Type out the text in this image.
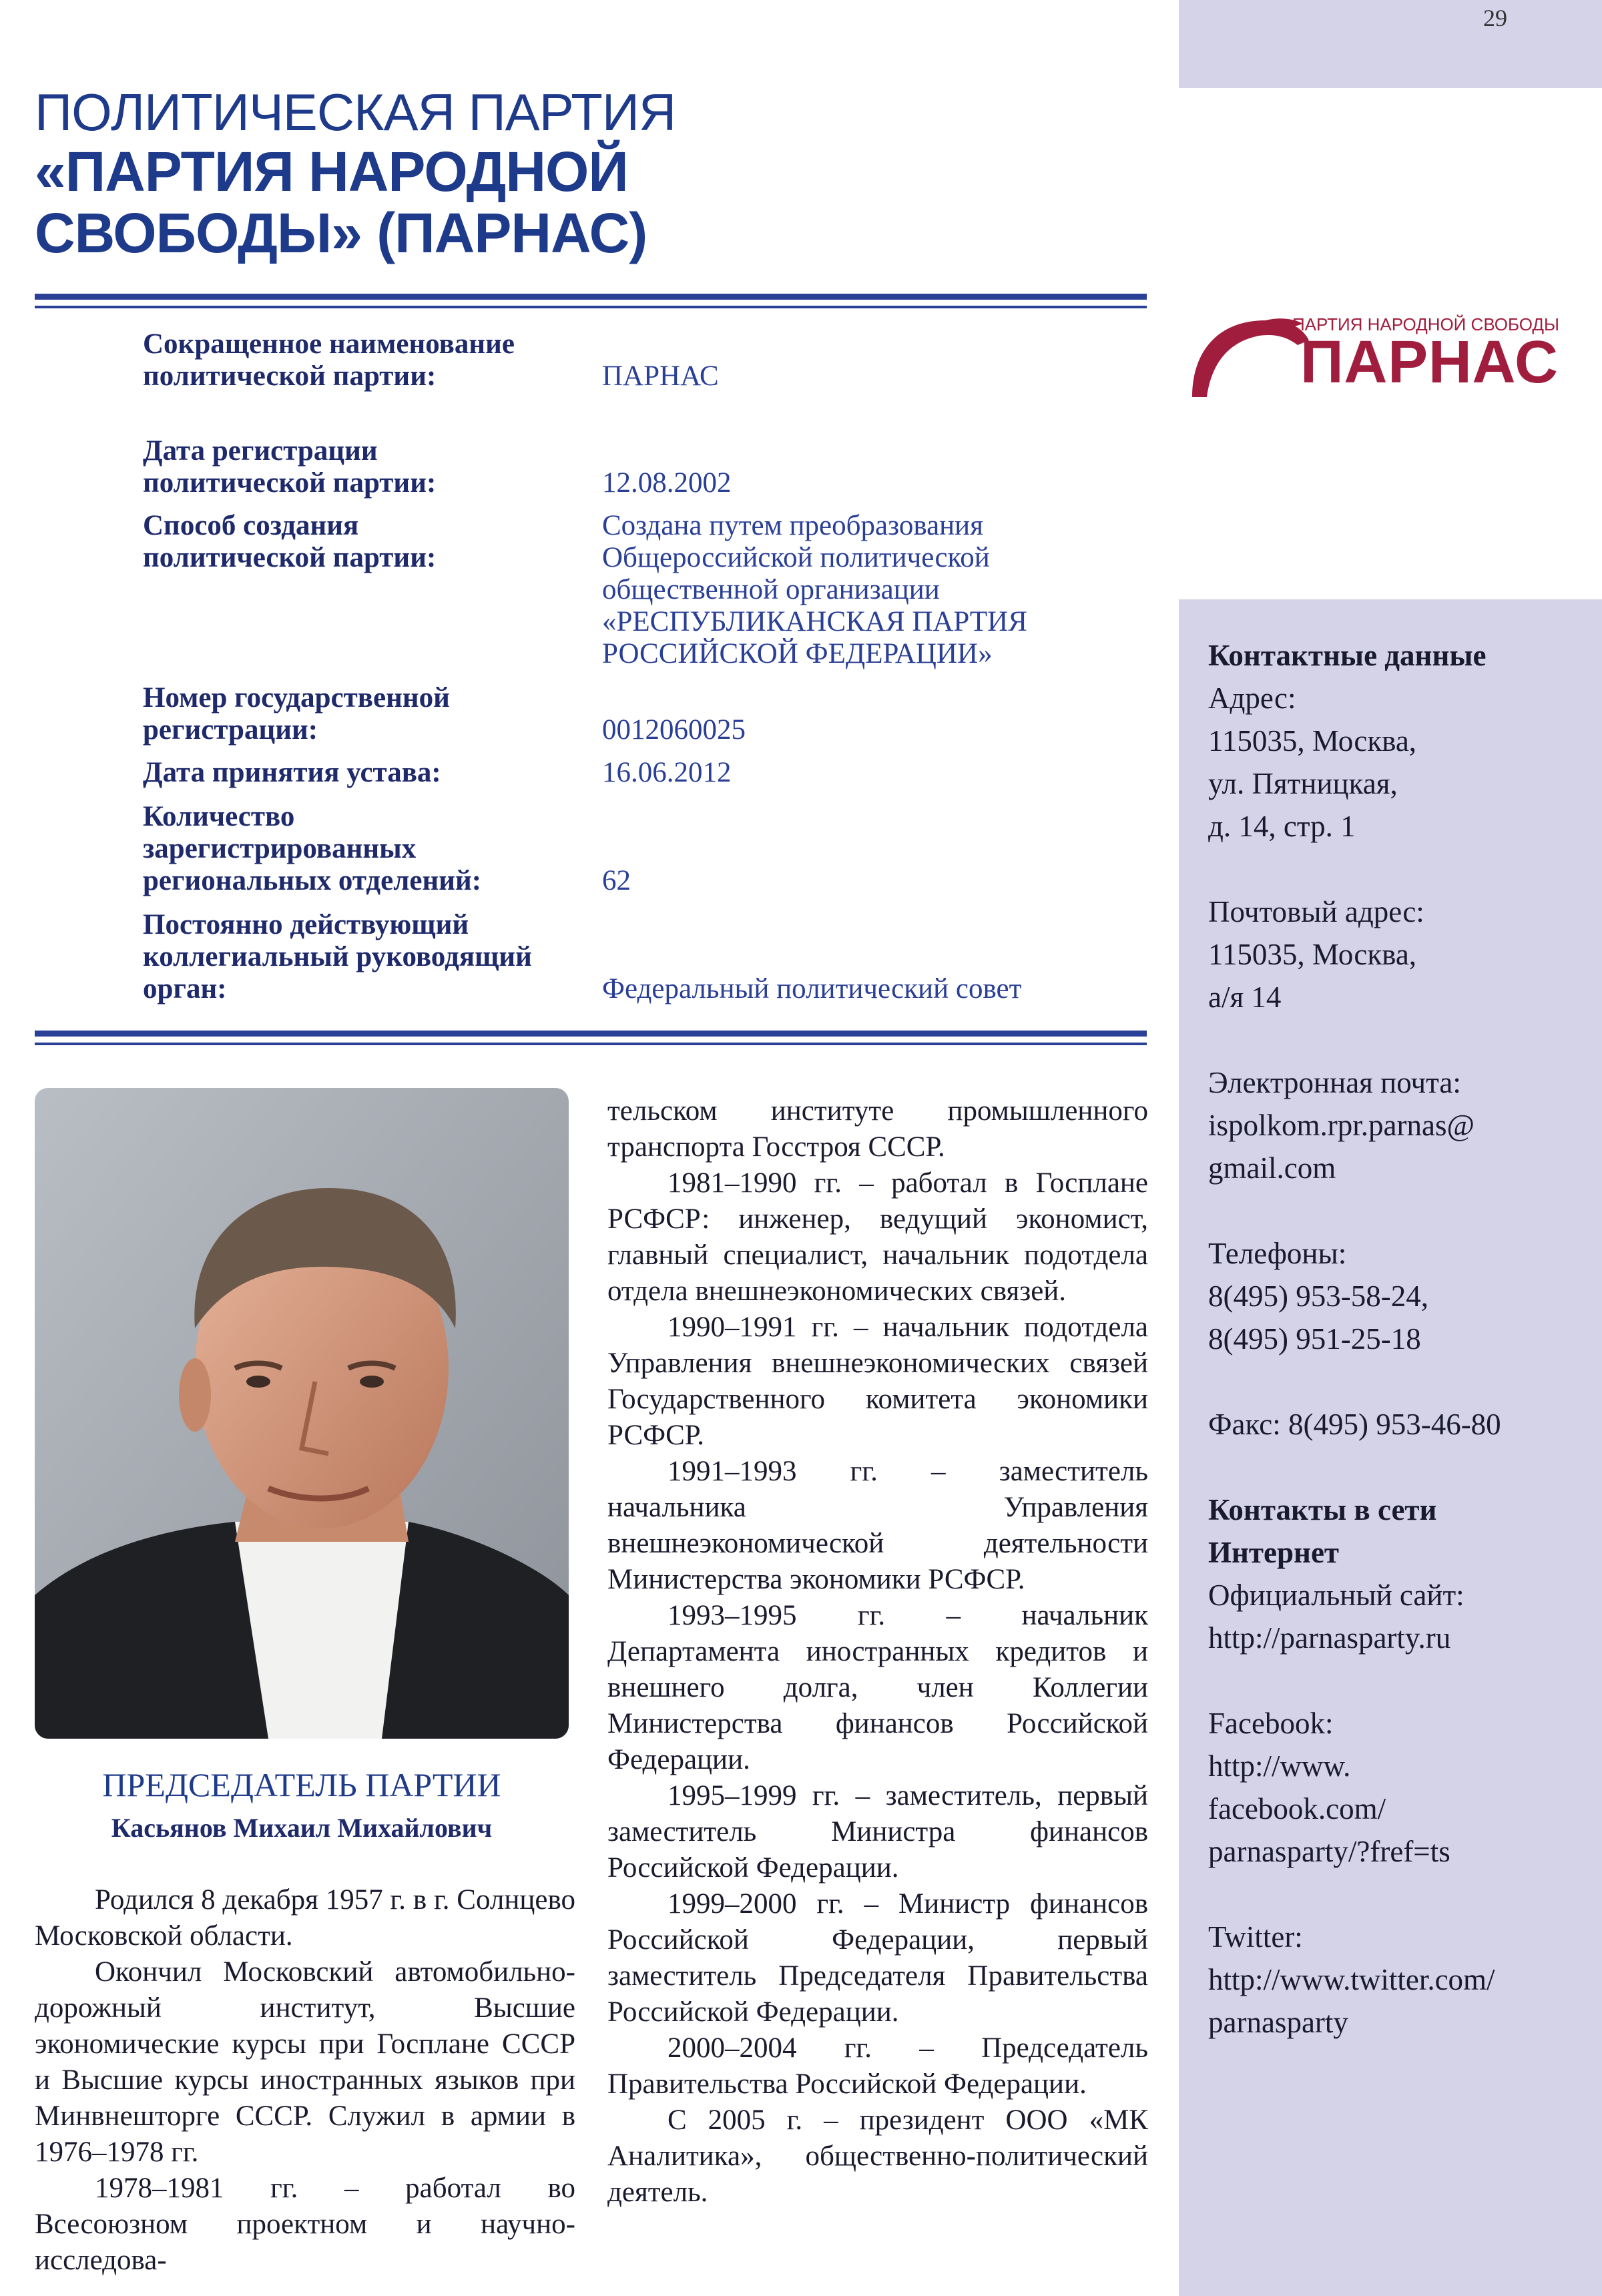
29
ПОЛИТИЧЕСКАЯ ПАРТИЯ
«ПАРТИЯ НАРОДНОЙ
СВОБОДЫ» (ПАРНАС)
ПАРТИЯ НАРОДНОЙ СВОБОДЫ
ПАРНАС
Сокращенное наименование
политической партии:	ПАРНАС
Дата регистрации
политической партии:	12.08.2002
Способ создания
политической партии:
Создана путем преобразования
Общероссийской политической
общественной организации
«РЕСПУБЛИКАНСКАЯ ПАРТИЯ
РОССИЙСКОЙ ФЕДЕРАЦИИ»
Номер государственной
регистрации:	0012060025
Дата принятия устава:	16.06.2012
Количество
зарегистрированных
региональных отделений:	62
Постоянно действующий
коллегиальный руководящий
орган:	Федеральный политический совет
ПРЕДСЕДАТЕЛЬ ПАРТИИ
Касьянов Михаил Михайлович

Родился 8 декабря 1957 г. в г. Солнцево Московской области.

Окончил Московский автомобильно-дорожный институт, Высшие экономические курсы при Госплане СССР и Высшие курсы иностранных языков при Минвнешторге СССР. Служил в армии в 1976–1978 гг.

1978–1981 гг. – работал во Всесоюзном проектном и научно-исследова-

тельском институте промышленного транспорта Госстроя СССР.

1981–1990 гг. – работал в Госплане РСФСР: инженер, ведущий экономист, главный специалист, начальник подотдела отдела внешнеэкономических связей.

1990–1991 гг. – начальник подотдела Управления внешнеэкономических связей Государственного комитета экономики РСФСР.

1991–1993 гг. – заместитель начальника Управления внешнеэкономической деятельности Министерства экономики РСФСР.

1993–1995 гг. – начальник Департамента иностранных кредитов и внешнего долга, член Коллегии Министерства финансов Российской Федерации.

1995–1999 гг. – заместитель, первый заместитель Министра финансов Российской Федерации.

1999–2000 гг. – Министр финансов Российской Федерации, первый заместитель Председателя Правительства Российской Федерации.

2000–2004 гг. – Председатель Правительства Российской Федерации.

С 2005 г. – президент ООО «МК Аналитика», общественно-политический деятель.

Контактные данные
Адрес:
115035, Москва,
ул. Пятницкая,
д. 14, стр. 1
Почтовый адрес:
115035, Москва,
а/я 14
Электронная почта:
ispolkom.rpr.parnas@
gmail.com
Телефоны:
8(495) 953-58-24,
8(495) 951-25-18
Факс: 8(495) 953-46-80
Контакты в сети
Интернет
Официальный сайт:
http://parnasparty.ru
Facebook:
http://www.
facebook.com/
parnasparty/?fref=ts
Twitter:
http://www.twitter.com/
parnasparty
